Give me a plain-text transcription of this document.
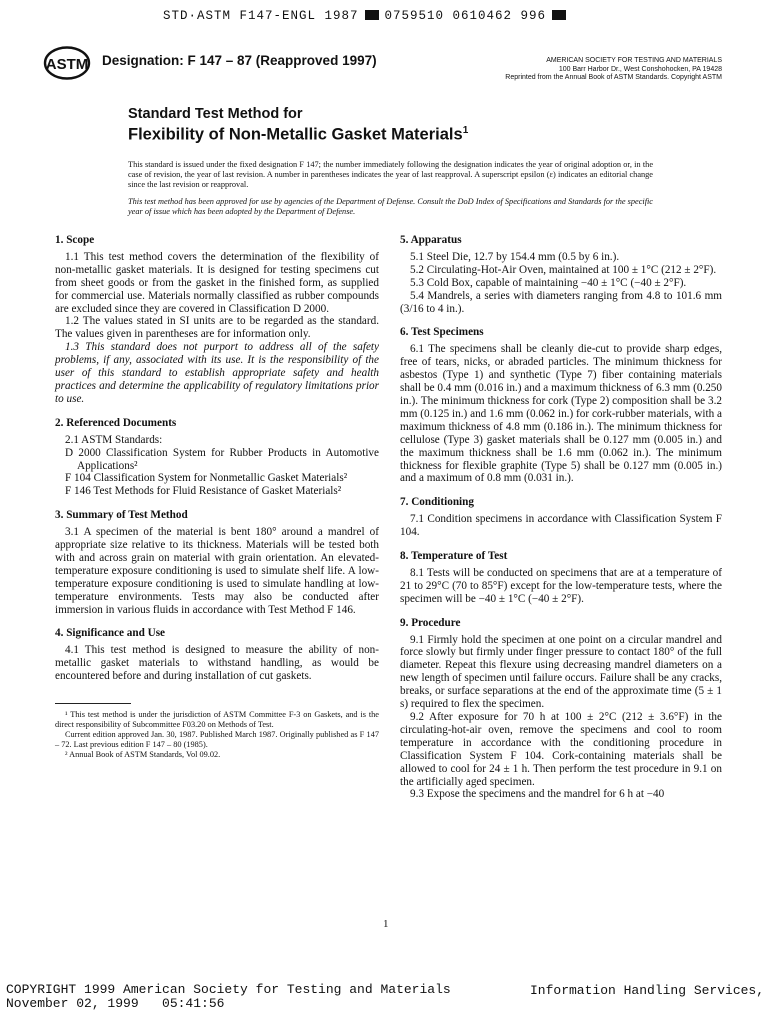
STD·ASTM F147-ENGL 1987 0759510 0610462 996
ASTM Designation: F 147 – 87 (Reapproved 1997)	AMERICAN SOCIETY FOR TESTING AND MATERIALS
100 Barr Harbor Dr., West Conshohocken, PA 19428
Reprinted from the Annual Book of ASTM Standards. Copyright ASTM
Standard Test Method for
Flexibility of Non-Metallic Gasket Materials$^1$
This standard is issued under the fixed designation F 147; the number immediately following the designation indicates the year of original adoption or, in the case of revision, the year of last revision. A number in parentheses indicates the year of last reapproval. A superscript epsilon (ε) indicates an editorial change since the last revision or reapproval.
This test method has been approved for use by agencies of the Department of Defense. Consult the DoD Index of Specifications and Standards for the specific year of issue which has been adopted by the Department of Defense.
1. Scope

1.1 This test method covers the determination of the flexibility of non-metallic gasket materials. It is designed for testing specimens cut from sheet goods or from the gasket in the finished form, as supplied for commercial use. Materials normally classified as rubber compounds are excluded since they are covered in Classification D 2000.

1.2 The values stated in SI units are to be regarded as the standard. The values given in parentheses are for information only.

1.3 This standard does not purport to address all of the safety problems, if any, associated with its use. It is the responsibility of the user of this standard to establish appropriate safety and health practices and determine the applicability of regulatory limitations prior to use.

2. Referenced Documents

2.1 ASTM Standards:

D 2000 Classification System for Rubber Products in Automotive Applications²
F 104 Classification System for Nonmetallic Gasket Materials²
F 146 Test Methods for Fluid Resistance of Gasket Materials²
3. Summary of Test Method

3.1 A specimen of the material is bent 180° around a mandrel of appropriate size relative to its thickness. Materials will be tested both with and across grain on material with grain orientation. An elevated-temperature exposure conditioning is used to simulate shelf life. A low-temperature exposure conditioning is used to simulate handling at low-temperature environments. Tests may also be conducted after immersion in various fluids in accordance with Test Method F 146.

4. Significance and Use

4.1 This test method is designed to measure the ability of non-metallic gasket materials to withstand handling, as would be encountered before and during installation of cut gaskets.

¹ This test method is under the jurisdiction of ASTM Committee F-3 on Gaskets, and is the direct responsibility of Subcommittee F03.20 on Methods of Test.

Current edition approved Jan. 30, 1987. Published March 1987. Originally published as F 147 – 72. Last previous edition F 147 – 80 (1985).

² Annual Book of ASTM Standards, Vol 09.02.

5. Apparatus

5.1 Steel Die, 12.7 by 154.4 mm (0.5 by 6 in.).

5.2 Circulating-Hot-Air Oven, maintained at 100 ± 1°C (212 ± 2°F).

5.3 Cold Box, capable of maintaining −40 ± 1°C (−40 ± 2°F).

5.4 Mandrels, a series with diameters ranging from 4.8 to 101.6 mm (3/16 to 4 in.).

6. Test Specimens

6.1 The specimens shall be cleanly die-cut to provide sharp edges, free of tears, nicks, or abraded particles. The minimum thickness for asbestos (Type 1) and synthetic (Type 7) fiber containing materials shall be 0.4 mm (0.016 in.) and a maximum thickness of 6.3 mm (0.250 in.). The minimum thickness for cork (Type 2) composition shall be 3.2 mm (0.125 in.) and 1.6 mm (0.062 in.) for cork-rubber materials, with a maximum thickness of 4.8 mm (0.186 in.). The minimum thickness for cellulose (Type 3) gasket materials shall be 0.127 mm (0.005 in.) and the maximum thickness shall be 1.6 mm (0.062 in.). The minimum thickness for flexible graphite (Type 5) shall be 0.127 mm (0.005 in.) and a maximum of 0.8 mm (0.031 in.).

7. Conditioning

7.1 Condition specimens in accordance with Classification System F 104.

8. Temperature of Test

8.1 Tests will be conducted on specimens that are at a temperature of 21 to 29°C (70 to 85°F) except for the low-temperature tests, where the specimen will be −40 ± 1°C (−40 ± 2°F).

9. Procedure

9.1 Firmly hold the specimen at one point on a circular mandrel and force slowly but firmly under finger pressure to contact 180° of the full diameter. Repeat this flexure using decreasing mandrel diameters on a new length of specimen until failure occurs. Failure shall be any cracks, breaks, or surface separations at the end of the approximate time (5 ± 1 s) required to flex the specimen.

9.2 After exposure for 70 h at 100 ± 2°C (212 ± 3.6°F) in the circulating-hot-air oven, remove the specimens and cool to room temperature in accordance with the conditioning procedure in Classification System F 104. Cork-containing materials shall be allowed to cool for 24 ± 1 h. Then perform the test procedure in 9.1 on the artificially aged specimen.

9.3 Expose the specimens and the mandrel for 6 h at −40

1
COPYRIGHT 1999 American Society for Testing and Materials
November 02, 1999   05:41:56
Information Handling Services,
